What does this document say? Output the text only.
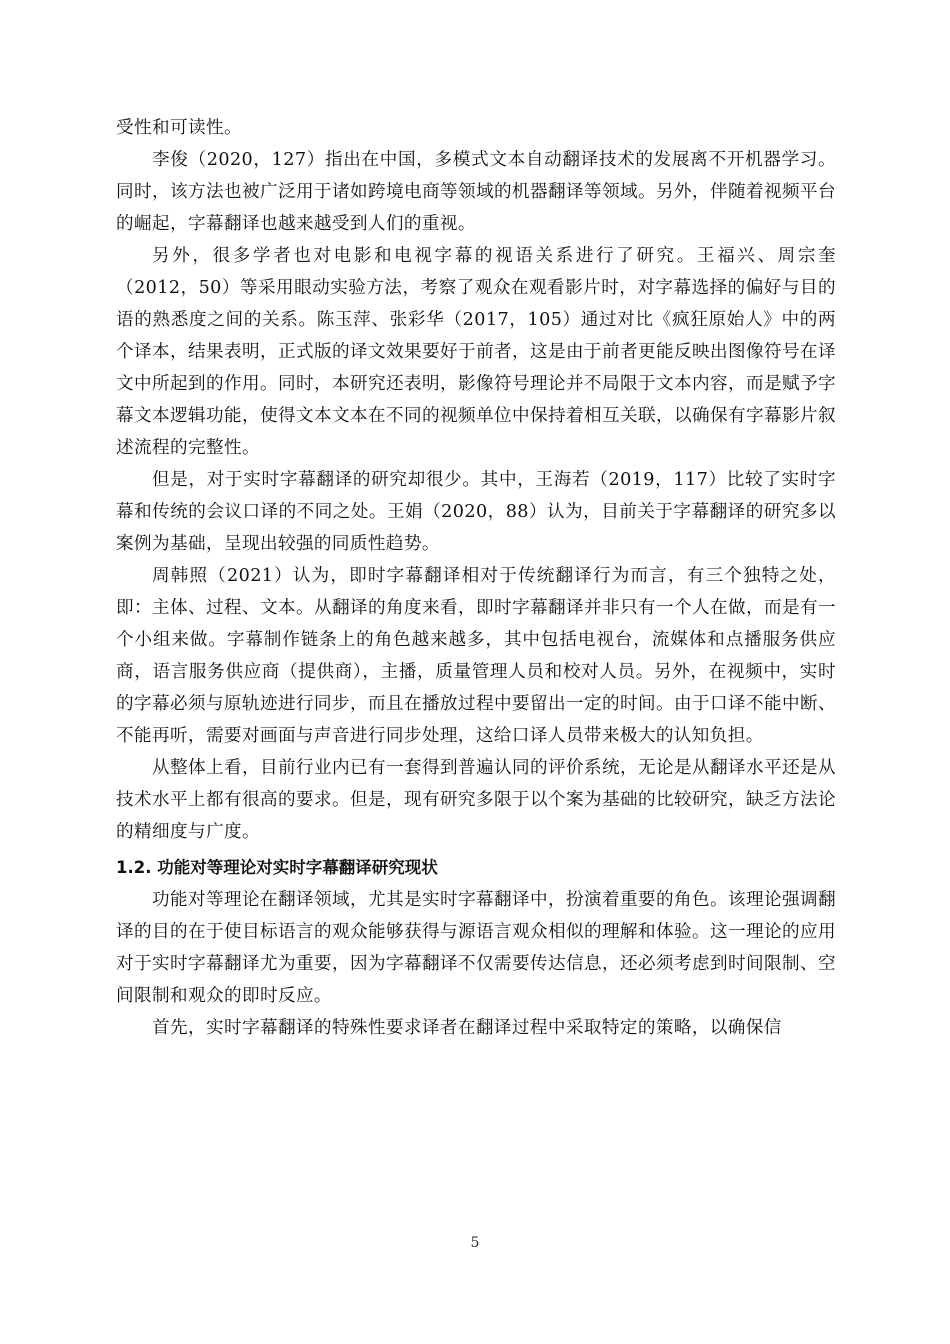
受性和可读性。

李俊（2020，127）指出在中国，多模式文本自动翻译技术的发展离不开机器学习。同时，该方法也被广泛用于诸如跨境电商等领域的机器翻译等领域。另外，伴随着视频平台的崛起，字幕翻译也越来越受到人们的重视。

另外，很多学者也对电影和电视字幕的视语关系进行了研究。王福兴、周宗奎（2012，50）等采用眼动实验方法，考察了观众在观看影片时，对字幕选择的偏好与目的语的熟悉度之间的关系。陈玉萍、张彩华（2017，105）通过对比《疯狂原始人》中的两个译本，结果表明，正式版的译文效果要好于前者，这是由于前者更能反映出图像符号在译文中所起到的作用。同时，本研究还表明，影像符号理论并不局限于文本内容，而是赋予字幕文本逻辑功能，使得文本文本在不同的视频单位中保持着相互关联，以确保有字幕影片叙述流程的完整性。

但是，对于实时字幕翻译的研究却很少。其中，王海若（2019，117）比较了实时字幕和传统的会议口译的不同之处。王娟（2020，88）认为，目前关于字幕翻译的研究多以案例为基础，呈现出较强的同质性趋势。

周韩照（2021）认为，即时字幕翻译相对于传统翻译行为而言，有三个独特之处，即：主体、过程、文本。从翻译的角度来看，即时字幕翻译并非只有一个人在做，而是有一个小组来做。字幕制作链条上的角色越来越多，其中包括电视台，流媒体和点播服务供应商，语言服务供应商（提供商），主播，质量管理人员和校对人员。另外，在视频中，实时的字幕必须与原轨迹进行同步，而且在播放过程中要留出一定的时间。由于口译不能中断、不能再听，需要对画面与声音进行同步处理，这给口译人员带来极大的认知负担。

从整体上看，目前行业内已有一套得到普遍认同的评价系统，无论是从翻译水平还是从技术水平上都有很高的要求。但是，现有研究多限于以个案为基础的比较研究，缺乏方法论的精细度与广度。

1.2. 功能对等理论对实时字幕翻译研究现状

功能对等理论在翻译领域，尤其是实时字幕翻译中，扮演着重要的角色。该理论强调翻译的目的在于使目标语言的观众能够获得与源语言观众相似的理解和体验。这一理论的应用对于实时字幕翻译尤为重要，因为字幕翻译不仅需要传达信息，还必须考虑到时间限制、空间限制和观众的即时反应。

首先，实时字幕翻译的特殊性要求译者在翻译过程中采取特定的策略，以确保信

5
